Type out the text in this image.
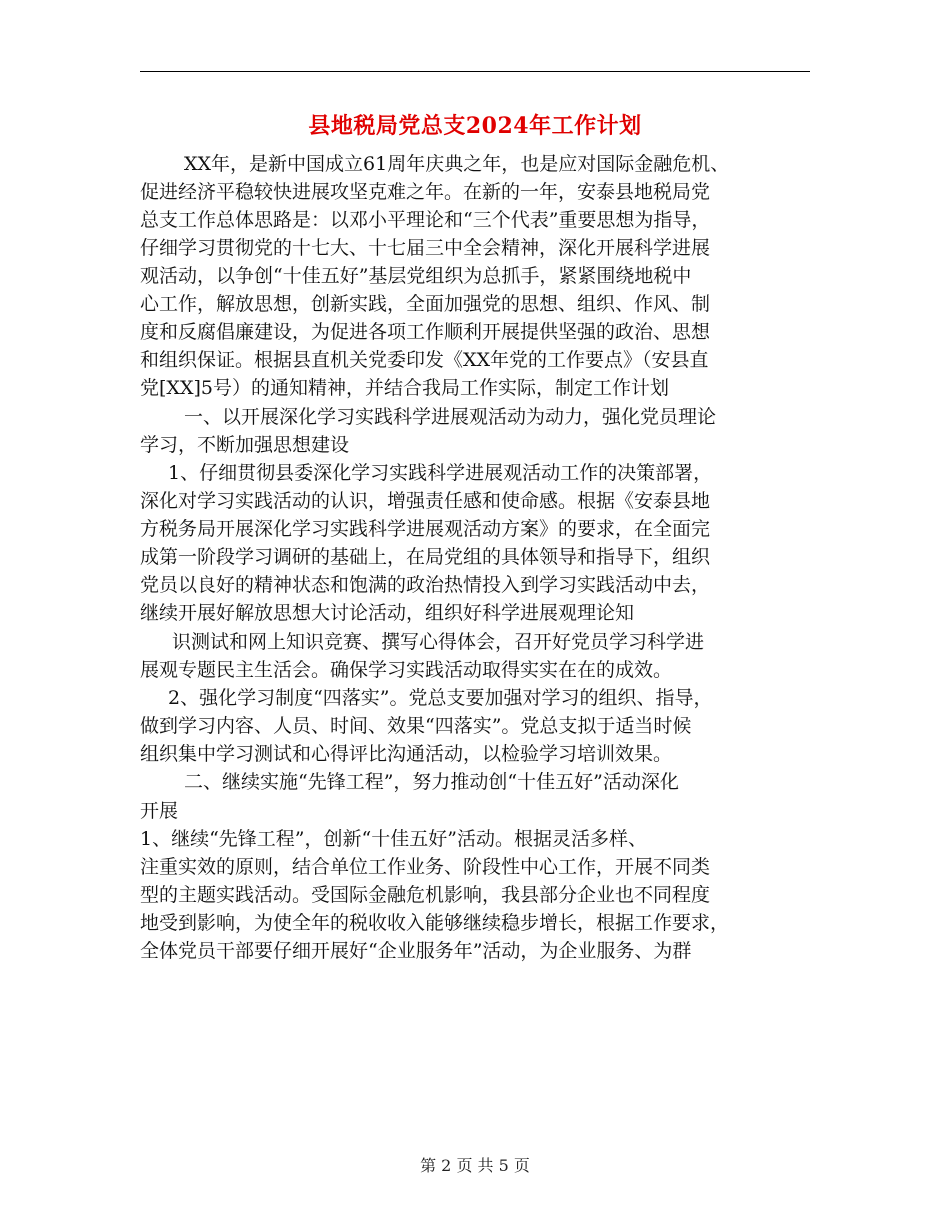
县地税局党总支2024年工作计划
XX年，是新中国成立61周年庆典之年，也是应对国际金融危机、
促进经济平稳较快进展攻坚克难之年。在新的一年，安泰县地税局党
总支工作总体思路是：以邓小平理论和“三个代表”重要思想为指导，
仔细学习贯彻党的十七大、十七届三中全会精神，深化开展科学进展
观活动，以争创“十佳五好”基层党组织为总抓手，紧紧围绕地税中
心工作，解放思想，创新实践，全面加强党的思想、组织、作风、制
度和反腐倡廉建设，为促进各项工作顺利开展提供坚强的政治、思想
和组织保证。根据县直机关党委印发《XX年党的工作要点》（安县直
党[XX]5号）的通知精神，并结合我局工作实际，制定工作计划
一、以开展深化学习实践科学进展观活动为动力，强化党员理论
学习，不断加强思想建设
1、仔细贯彻县委深化学习实践科学进展观活动工作的决策部署，
深化对学习实践活动的认识，增强责任感和使命感。根据《安泰县地
方税务局开展深化学习实践科学进展观活动方案》的要求，在全面完
成第一阶段学习调研的基础上，在局党组的具体领导和指导下，组织
党员以良好的精神状态和饱满的政治热情投入到学习实践活动中去，
继续开展好解放思想大讨论活动，组织好科学进展观理论知
识测试和网上知识竞赛、撰写心得体会，召开好党员学习科学进
展观专题民主生活会。确保学习实践活动取得实实在在的成效。
2、强化学习制度“四落实”。党总支要加强对学习的组织、指导，
做到学习内容、人员、时间、效果“四落实”。党总支拟于适当时候
组织集中学习测试和心得评比沟通活动，以检验学习培训效果。
二、继续实施“先锋工程”，努力推动创“十佳五好”活动深化
开展
1、继续“先锋工程”，创新“十佳五好”活动。根据灵活多样、
注重实效的原则，结合单位工作业务、阶段性中心工作，开展不同类
型的主题实践活动。受国际金融危机影响，我县部分企业也不同程度
地受到影响，为使全年的税收收入能够继续稳步增长，根据工作要求，
全体党员干部要仔细开展好“企业服务年”活动，为企业服务、为群
第 2 页 共 5 页
